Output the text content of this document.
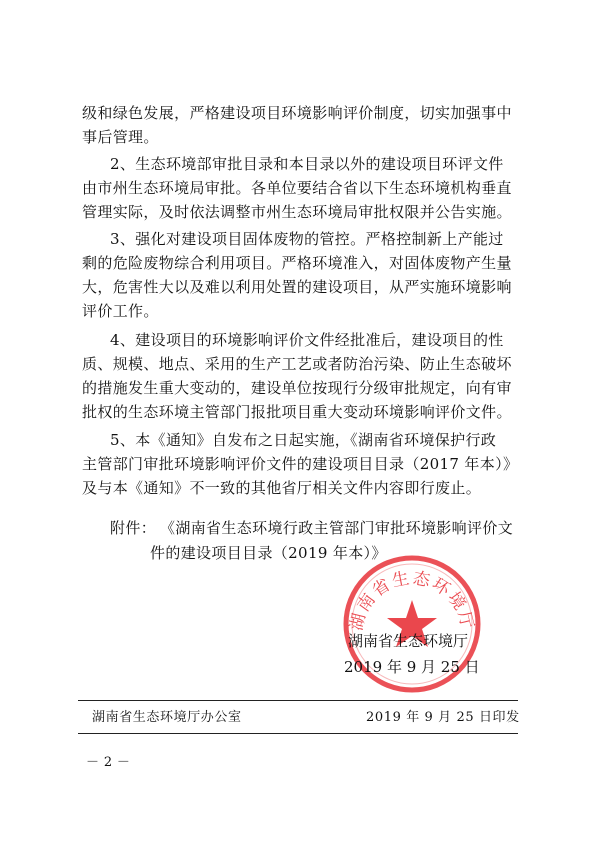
级和绿色发展，严格建设项目环境影响评价制度，切实加强事中
事后管理。
2、生态环境部审批目录和本目录以外的建设项目环评文件
由市州生态环境局审批。各单位要结合省以下生态环境机构垂直
管理实际，及时依法调整市州生态环境局审批权限并公告实施。
3、强化对建设项目固体废物的管控。严格控制新上产能过
剩的危险废物综合利用项目。严格环境准入，对固体废物产生量
大，危害性大以及难以利用处置的建设项目，从严实施环境影响
评价工作。
4、建设项目的环境影响评价文件经批准后，建设项目的性
质、规模、地点、采用的生产工艺或者防治污染、防止生态破坏
的措施发生重大变动的，建设单位按现行分级审批规定，向有审
批权的生态环境主管部门报批项目重大变动环境影响评价文件。
5、本《通知》自发布之日起实施，《湖南省环境保护行政
主管部门审批环境影响评价文件的建设项目目录（2017 年本）》
及与本《通知》不一致的其他省厅相关文件内容即行废止。
附件： 《湖南省生态环境行政主管部门审批环境影响评价文
件的建设项目目录（2019 年本）》
湖南省生态环境厅
湖南省生态环境厅
2019 年 9 月 25 日
湖南省生态环境厅办公室	2019 年 9 月 25 日印发
－ 2 －
